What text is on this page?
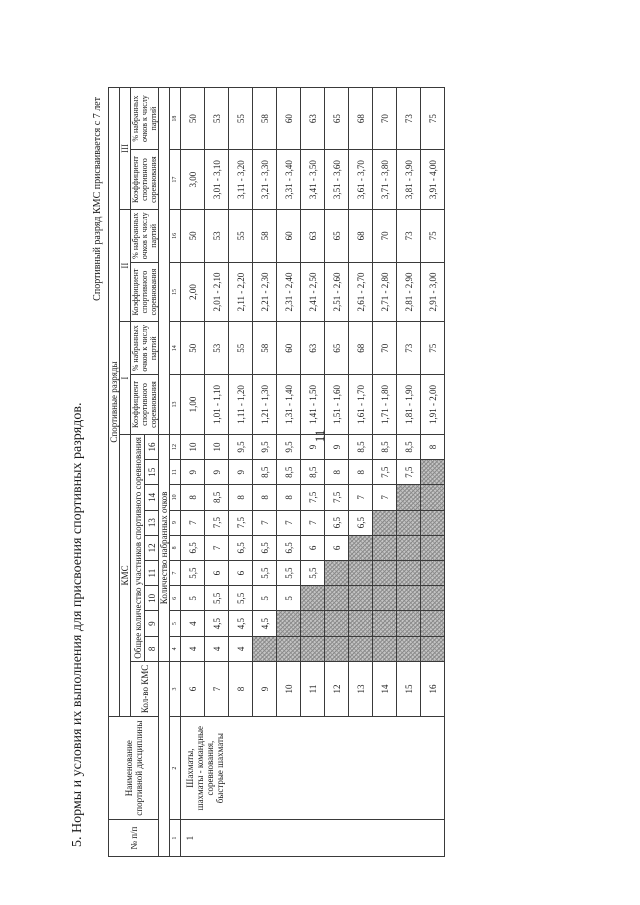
11
5. Нормы и условия их выполнения для присвоения спортивных разрядов.
Спортивный разряд КМС присваивается с 7 лет
№ п/п	Наименование спортивной дисциплины	Спортивные разряды															
		КМС										I		II		III	
		Кол-во КМС	Общее количество участников спортивного соревнования									Коэффициент спортивного соревнования	% набранных очков к числу партий	Коэффициент спортивного соревнования	% набранных очков к числу партий	Коэффициент спортивного соревнования	% набранных очков к числу партий
			8	9	10	11	12	13	14	15	16						
			Количество набранных очков														
1	2	3	4	5	6	7	8	9	10	11	12	13	14	15	16	17	18
1	Шахматы, шахматы - командные соревнования, быстрые шахматы	6	4	4	5	5,5	6,5	7	8	9	10	1,00	50	2,00	50	3,00	50
		7	4	4,5	5,5	6	7	7,5	8,5	9	10	1,01 - 1,10	53	2,01 - 2,10	53	3,01 - 3,10	53
		8	4	4,5	5,5	6	6,5	7,5	8	9	9,5	1,11 - 1,20	55	2,11 - 2,20	55	3,11 - 3,20	55
		9		4,5	5	5,5	6,5	7	8	8,5	9,5	1,21 - 1,30	58	2,21 - 2,30	58	3,21 - 3,30	58
		10			5	5,5	6,5	7	8	8,5	9,5	1,31 - 1,40	60	2,31 - 2,40	60	3,31 - 3,40	60
		11				5,5	6	7	7,5	8,5	9	1,41 - 1,50	63	2,41 - 2,50	63	3,41 - 3,50	63
		12					6	6,5	7,5	8	9	1,51 - 1,60	65	2,51 - 2,60	65	3,51 - 3,60	65
		13						6,5	7	8	8,5	1,61 - 1,70	68	2,61 - 2,70	68	3,61 - 3,70	68
		14							7	7,5	8,5	1,71 - 1,80	70	2,71 - 2,80	70	3,71 - 3,80	70
		15								7,5	8,5	1,81 - 1,90	73	2,81 - 2,90	73	3,81 - 3,90	73
		16									8	1,91 - 2,00	75	2,91 - 3,00	75	3,91 - 4,00	75
